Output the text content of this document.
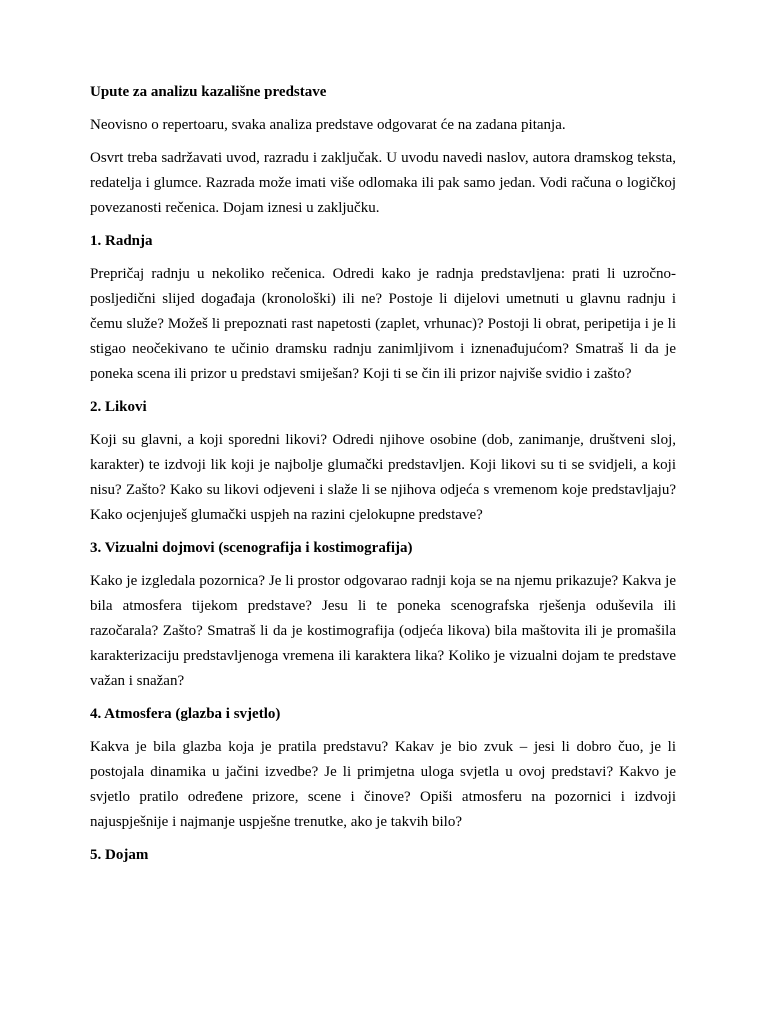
Upute za analizu kazališne predstave

Neovisno o repertoaru, svaka analiza predstave odgovarat će na zadana pitanja.

Osvrt treba sadržavati uvod, razradu i zaključak. U uvodu navedi naslov, autora dramskog teksta, redatelja i glumce. Razrada može imati više odlomaka ili pak samo jedan. Vodi računa o logičkoj povezanosti rečenica. Dojam iznesi u zaključku.

1. Radnja

Prepričaj radnju u nekoliko rečenica. Odredi kako je radnja predstavljena: prati li uzročno-posljedični slijed događaja (kronološki) ili ne? Postoje li dijelovi umetnuti u glavnu radnju i čemu služe? Možeš li prepoznati rast napetosti (zaplet, vrhunac)? Postoji li obrat, peripetija i je li stigao neočekivano te učinio dramsku radnju zanimljivom i iznenađujućom? Smatraš li da je poneka scena ili prizor u predstavi smiješan? Koji ti se čin ili prizor najviše svidio i zašto?

2. Likovi

Koji su glavni, a koji sporedni likovi? Odredi njihove osobine (dob, zanimanje, društveni sloj, karakter) te izdvoji lik koji je najbolje glumački predstavljen. Koji likovi su ti se svidjeli, a koji nisu? Zašto? Kako su likovi odjeveni i slaže li se njihova odjeća s vremenom koje predstavljaju? Kako ocjenjuješ glumački uspjeh na razini cjelokupne predstave?

3. Vizualni dojmovi (scenografija i kostimografija)

Kako je izgledala pozornica? Je li prostor odgovarao radnji koja se na njemu prikazuje? Kakva je bila atmosfera tijekom predstave? Jesu li te poneka scenografska rješenja oduševila ili razočarala? Zašto? Smatraš li da je kostimografija (odjeća likova) bila maštovita ili je promašila karakterizaciju predstavljenoga vremena ili karaktera lika? Koliko je vizualni dojam te predstave važan i snažan?

4. Atmosfera (glazba i svjetlo)

Kakva je bila glazba koja je pratila predstavu? Kakav je bio zvuk – jesi li dobro čuo, je li postojala dinamika u jačini izvedbe? Je li primjetna uloga svjetla u ovoj predstavi? Kakvo je svjetlo pratilo određene prizore, scene i činove? Opiši atmosferu na pozornici i izdvoji najuspješnije i najmanje uspješne trenutke, ako je takvih bilo?

5. Dojam
